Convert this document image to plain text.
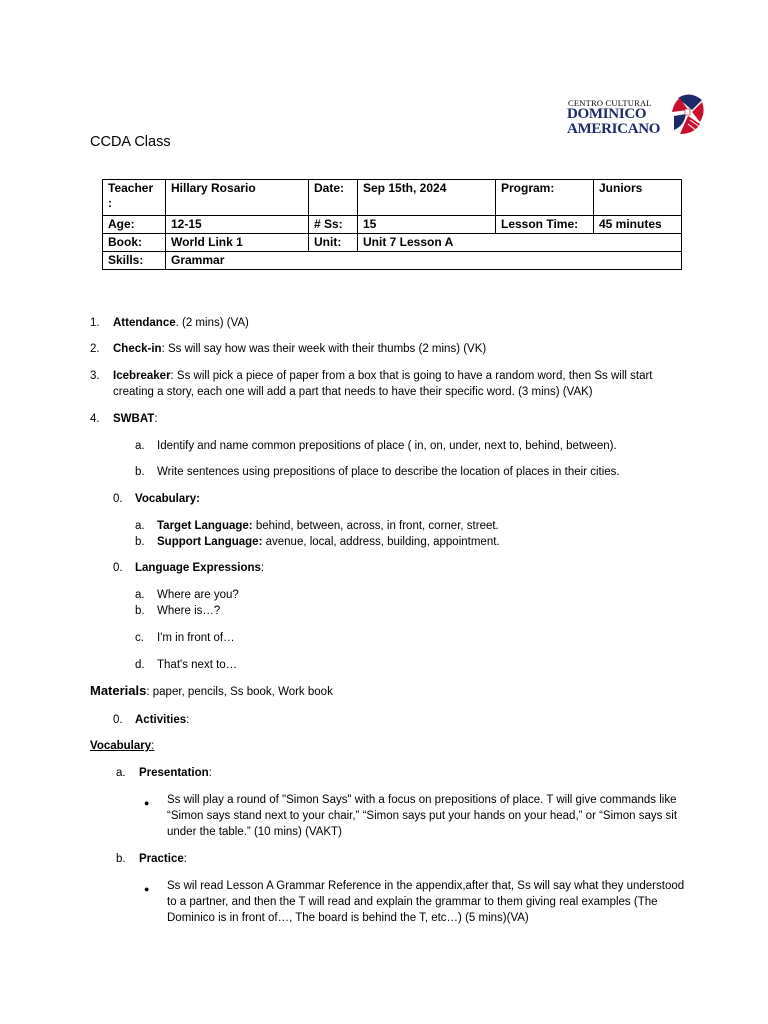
CENTRO CULTURAL
DOMINICO
AMERICANO
CCDA Class
Teacher :	Hillary Rosario	Date:	Sep 15th, 2024	Program:	Juniors
Age:	12-15	# Ss:	15	Lesson Time:	45 minutes
Book:	World Link 1	Unit:	Unit 7 Lesson A		
Skills:	Grammar				
1. Attendance. (2 mins) (VA)
2. Check-in: Ss will say how was their week with their thumbs (2 mins) (VK)
3. Icebreaker: Ss will pick a piece of paper from a box that is going to have a random word, then Ss will start
creating a story, each one will add a part that needs to have their specific word. (3 mins) (VAK)
4. SWBAT:
a. Identify and name common prepositions of place ( in, on, under, next to, behind, between).
b. Write sentences using prepositions of place to describe the location of places in their cities.
0. Vocabulary:
a. Target Language: behind, between, across, in front, corner, street.
b. Support Language: avenue, local, address, building, appointment.
0. Language Expressions:
a. Where are you?
b. Where is…?
c. I'm in front of…
d. That's next to…
Materials: paper, pencils, Ss book, Work book
0. Activities:
Vocabulary:
a. Presentation:
● Ss will play a round of "Simon Says" with a focus on prepositions of place. T will give commands like
“Simon says stand next to your chair,” “Simon says put your hands on your head,” or “Simon says sit
under the table.” (10 mins) (VAKT)
b. Practice:
● Ss wil read Lesson A Grammar Reference in the appendix,after that, Ss will say what they understood
to a partner, and then the T will read and explain the grammar to them giving real examples (The
Dominico is in front of…, The board is behind the T, etc…) (5 mins)(VA)
